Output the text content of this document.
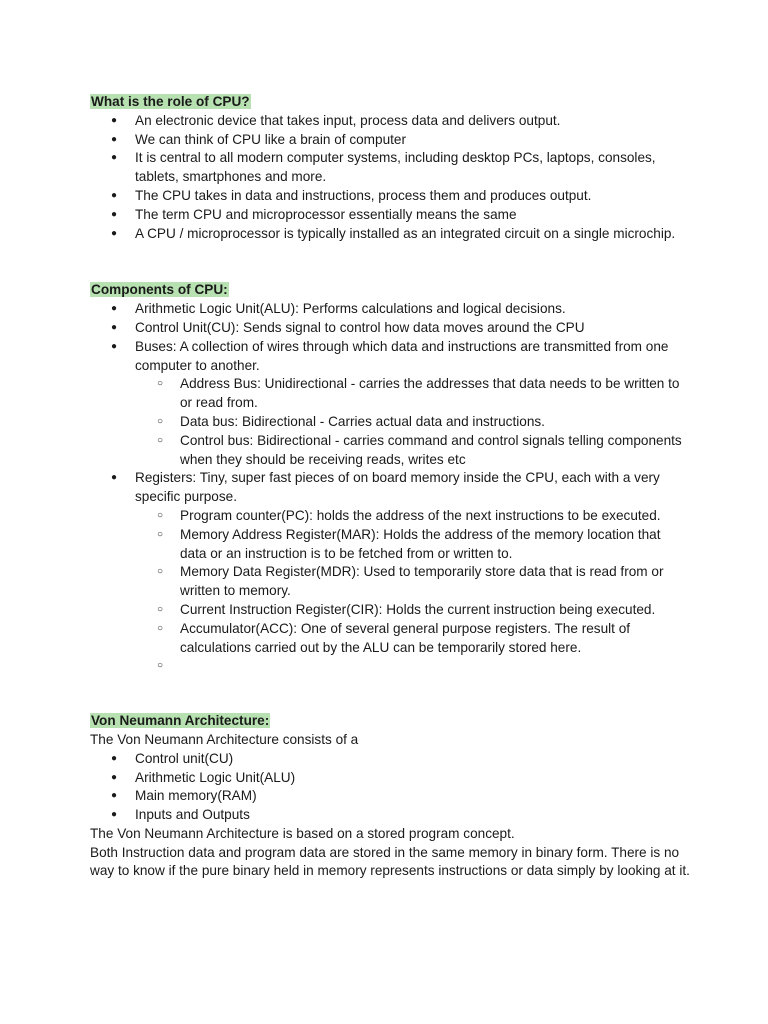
What is the role of CPU?
● An electronic device that takes input, process data and delivers output.
● We can think of CPU like a brain of computer
● It is central to all modern computer systems, including desktop PCs, laptops, consoles, tablets, smartphones and more.
● The CPU takes in data and instructions, process them and produces output.
● The term CPU and microprocessor essentially means the same
● A CPU / microprocessor is typically installed as an integrated circuit on a single microchip.
Components of CPU:
● Arithmetic Logic Unit(ALU): Performs calculations and logical decisions.
● Control Unit(CU): Sends signal to control how data moves around the CPU
● Buses: A collection of wires through which data and instructions are transmitted from one computer to another.
○ Address Bus: Unidirectional - carries the addresses that data needs to be written to or read from.
○ Data bus: Bidirectional - Carries actual data and instructions.
○ Control bus: Bidirectional - carries command and control signals telling components when they should be receiving reads, writes etc
● Registers: Tiny, super fast pieces of on board memory inside the CPU, each with a very specific purpose.
○ Program counter(PC): holds the address of the next instructions to be executed.
○ Memory Address Register(MAR): Holds the address of the memory location that data or an instruction is to be fetched from or written to.
○ Memory Data Register(MDR): Used to temporarily store data that is read from or written to memory.
○ Current Instruction Register(CIR): Holds the current instruction being executed.
○ Accumulator(ACC): One of several general purpose registers. The result of calculations carried out by the ALU can be temporarily stored here.
○
Von Neumann Architecture:

The Von Neumann Architecture consists of a

● Control unit(CU)
● Arithmetic Logic Unit(ALU)
● Main memory(RAM)
● Inputs and Outputs

The Von Neumann Architecture is based on a stored program concept.

Both Instruction data and program data are stored in the same memory in binary form. There is no way to know if the pure binary held in memory represents instructions or data simply by looking at it.
